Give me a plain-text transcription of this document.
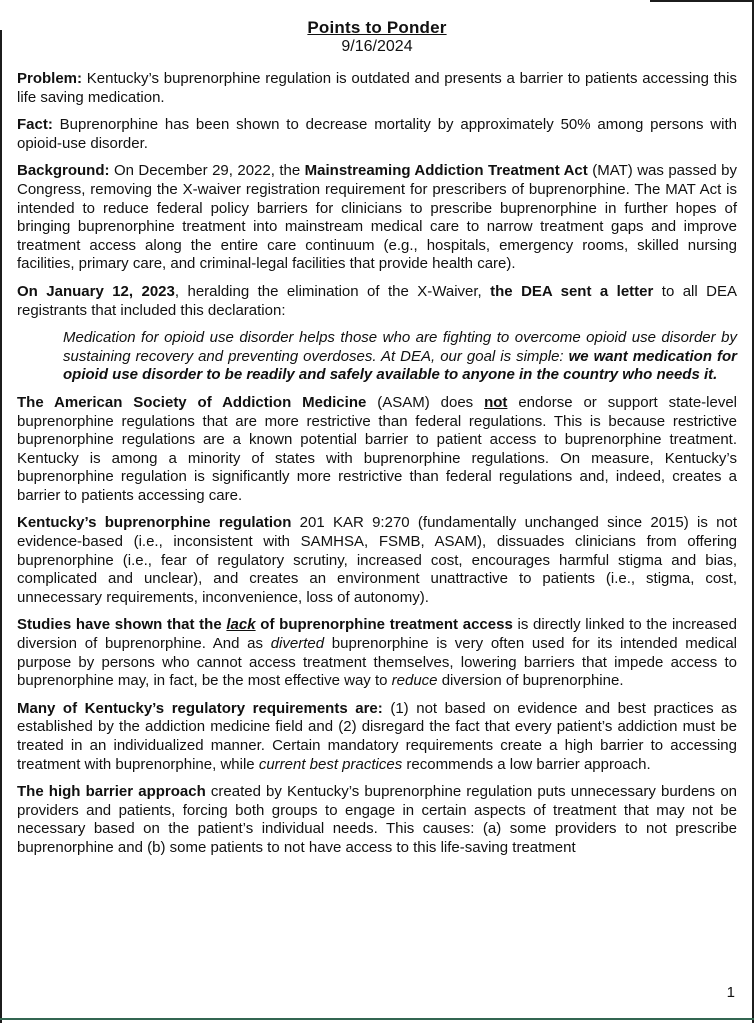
Points to Ponder
9/16/2024

Problem: Kentucky’s buprenorphine regulation is outdated and presents a barrier to patients accessing this life saving medication.

Fact: Buprenorphine has been shown to decrease mortality by approximately 50% among persons with opioid-use disorder.

Background: On December 29, 2022, the Mainstreaming Addiction Treatment Act (MAT) was passed by Congress, removing the X-waiver registration requirement for prescribers of buprenorphine. The MAT Act is intended to reduce federal policy barriers for clinicians to prescribe buprenorphine in further hopes of bringing buprenorphine treatment into mainstream medical care to narrow treatment gaps and improve treatment access along the entire care continuum (e.g., hospitals, emergency rooms, skilled nursing facilities, primary care, and criminal-legal facilities that provide health care).

On January 12, 2023, heralding the elimination of the X-Waiver, the DEA sent a letter to all DEA registrants that included this declaration:

Medication for opioid use disorder helps those who are fighting to overcome opioid use disorder by sustaining recovery and preventing overdoses. At DEA, our goal is simple: we want medication for opioid use disorder to be readily and safely available to anyone in the country who needs it.

The American Society of Addiction Medicine (ASAM) does not endorse or support state-level buprenorphine regulations that are more restrictive than federal regulations. This is because restrictive buprenorphine regulations are a known potential barrier to patient access to buprenorphine treatment. Kentucky is among a minority of states with buprenorphine regulations. On measure, Kentucky’s buprenorphine regulation is significantly more restrictive than federal regulations and, indeed, creates a barrier to patients accessing care.

Kentucky’s buprenorphine regulation 201 KAR 9:270 (fundamentally unchanged since 2015) is not evidence-based (i.e., inconsistent with SAMHSA, FSMB, ASAM), dissuades clinicians from offering buprenorphine (i.e., fear of regulatory scrutiny, increased cost, encourages harmful stigma and bias, complicated and unclear), and creates an environment unattractive to patients (i.e., stigma, cost, unnecessary requirements, inconvenience, loss of autonomy).

Studies have shown that the lack of buprenorphine treatment access is directly linked to the increased diversion of buprenorphine. And as diverted buprenorphine is very often used for its intended medical purpose by persons who cannot access treatment themselves, lowering barriers that impede access to buprenorphine may, in fact, be the most effective way to reduce diversion of buprenorphine.

Many of Kentucky’s regulatory requirements are: (1) not based on evidence and best practices as established by the addiction medicine field and (2) disregard the fact that every patient’s addiction must be treated in an individualized manner. Certain mandatory requirements create a high barrier to accessing treatment with buprenorphine, while current best practices recommends a low barrier approach.

The high barrier approach created by Kentucky’s buprenorphine regulation puts unnecessary burdens on providers and patients, forcing both groups to engage in certain aspects of treatment that may not be necessary based on the patient’s individual needs. This causes: (a) some providers to not prescribe buprenorphine and (b) some patients to not have access to this life-saving treatment

1
